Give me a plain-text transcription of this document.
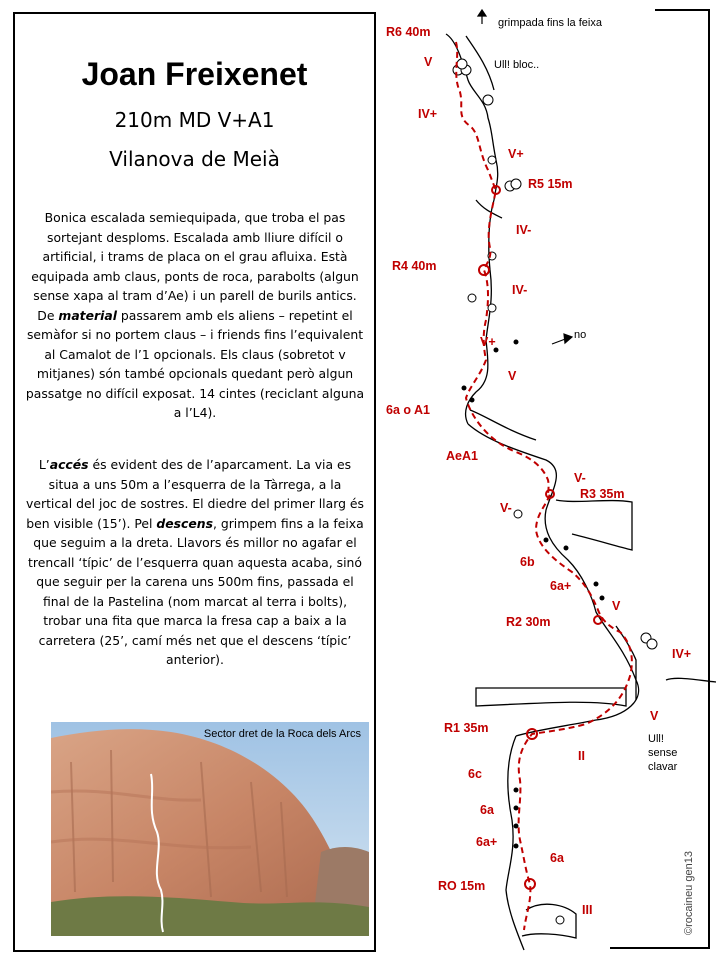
Joan Freixenet
210m MD V+A1
Vilanova de Meià

Bonica escalada semiequipada, que troba el pas sortejant desploms. Escalada amb lliure difícil o artificial, i trams de placa on el grau afluixa. Està equipada amb claus, ponts de roca, parabolts (algun sense xapa al tram d’Ae) i un parell de burils antics. De material passarem amb els aliens – repetint el semàfor si no portem claus – i friends fins l’equivalent al Camalot de l’1 opcionals. Els claus (sobretot v mitjanes) són també opcionals quedant però algun passatge no difícil exposat. 14 cintes (reciclant alguna a l’L4).

L’accés és evident des de l’aparcament. La via es situa a uns 50m a l’esquerra de la Tàrrega, a la vertical del joc de sostres. El diedre del primer llarg és ben visible (15’). Pel descens, grimpem fins a la feixa que seguim a la dreta. Llavors és millor no agafar el trencall ‘típic’ de l’esquerra quan aquesta acaba, sinó que seguir per la carena uns 500m fins, passada el final de la Pastelina (nom marcat al terra i bolts), trobar una fita que marca la fresa cap a baix a la carretera (25’, camí més net que el descens ‘típic’ anterior).

Sector dret de la Roca dels Arcs
R6 40m
grimpada fins la feixa
V	Ull! bloc..
IV+
V+
R5 15m
IV-
R4 40m
IV-
no
V+
V
6a o A1
AeA1
V-
R3 35m
V-
6b
6a+
V
R2 30m
IV+
V
Ull!
sense
clavar
R1 35m
II
6c
6a
6a+
6a
RO 15m
III	©rocaineu gen13
